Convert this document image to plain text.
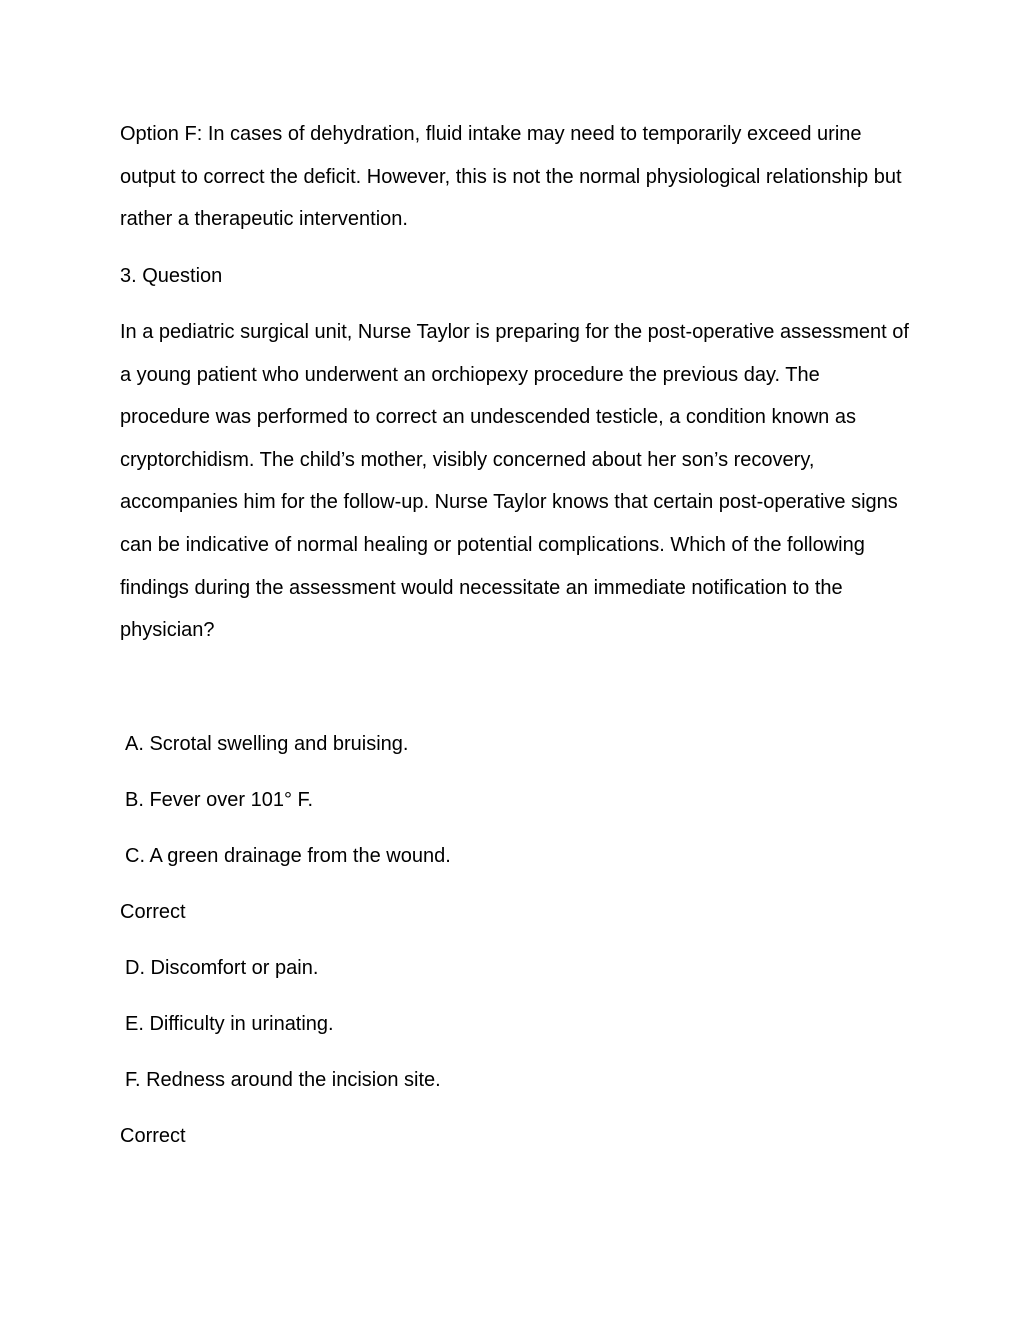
Option F: In cases of dehydration, fluid intake may need to temporarily exceed urine output to correct the deficit. However, this is not the normal physiological relationship but rather a therapeutic intervention.
3. Question
In a pediatric surgical unit, Nurse Taylor is preparing for the post-operative assessment of a young patient who underwent an orchiopexy procedure the previous day. The procedure was performed to correct an undescended testicle, a condition known as cryptorchidism. The child’s mother, visibly concerned about her son’s recovery, accompanies him for the follow-up. Nurse Taylor knows that certain post-operative signs can be indicative of normal healing or potential complications. Which of the following findings during the assessment would necessitate an immediate notification to the physician?
A. Scrotal swelling and bruising.
B. Fever over 101° F.
C. A green drainage from the wound.
Correct
D. Discomfort or pain.
E. Difficulty in urinating.
F. Redness around the incision site.
Correct
